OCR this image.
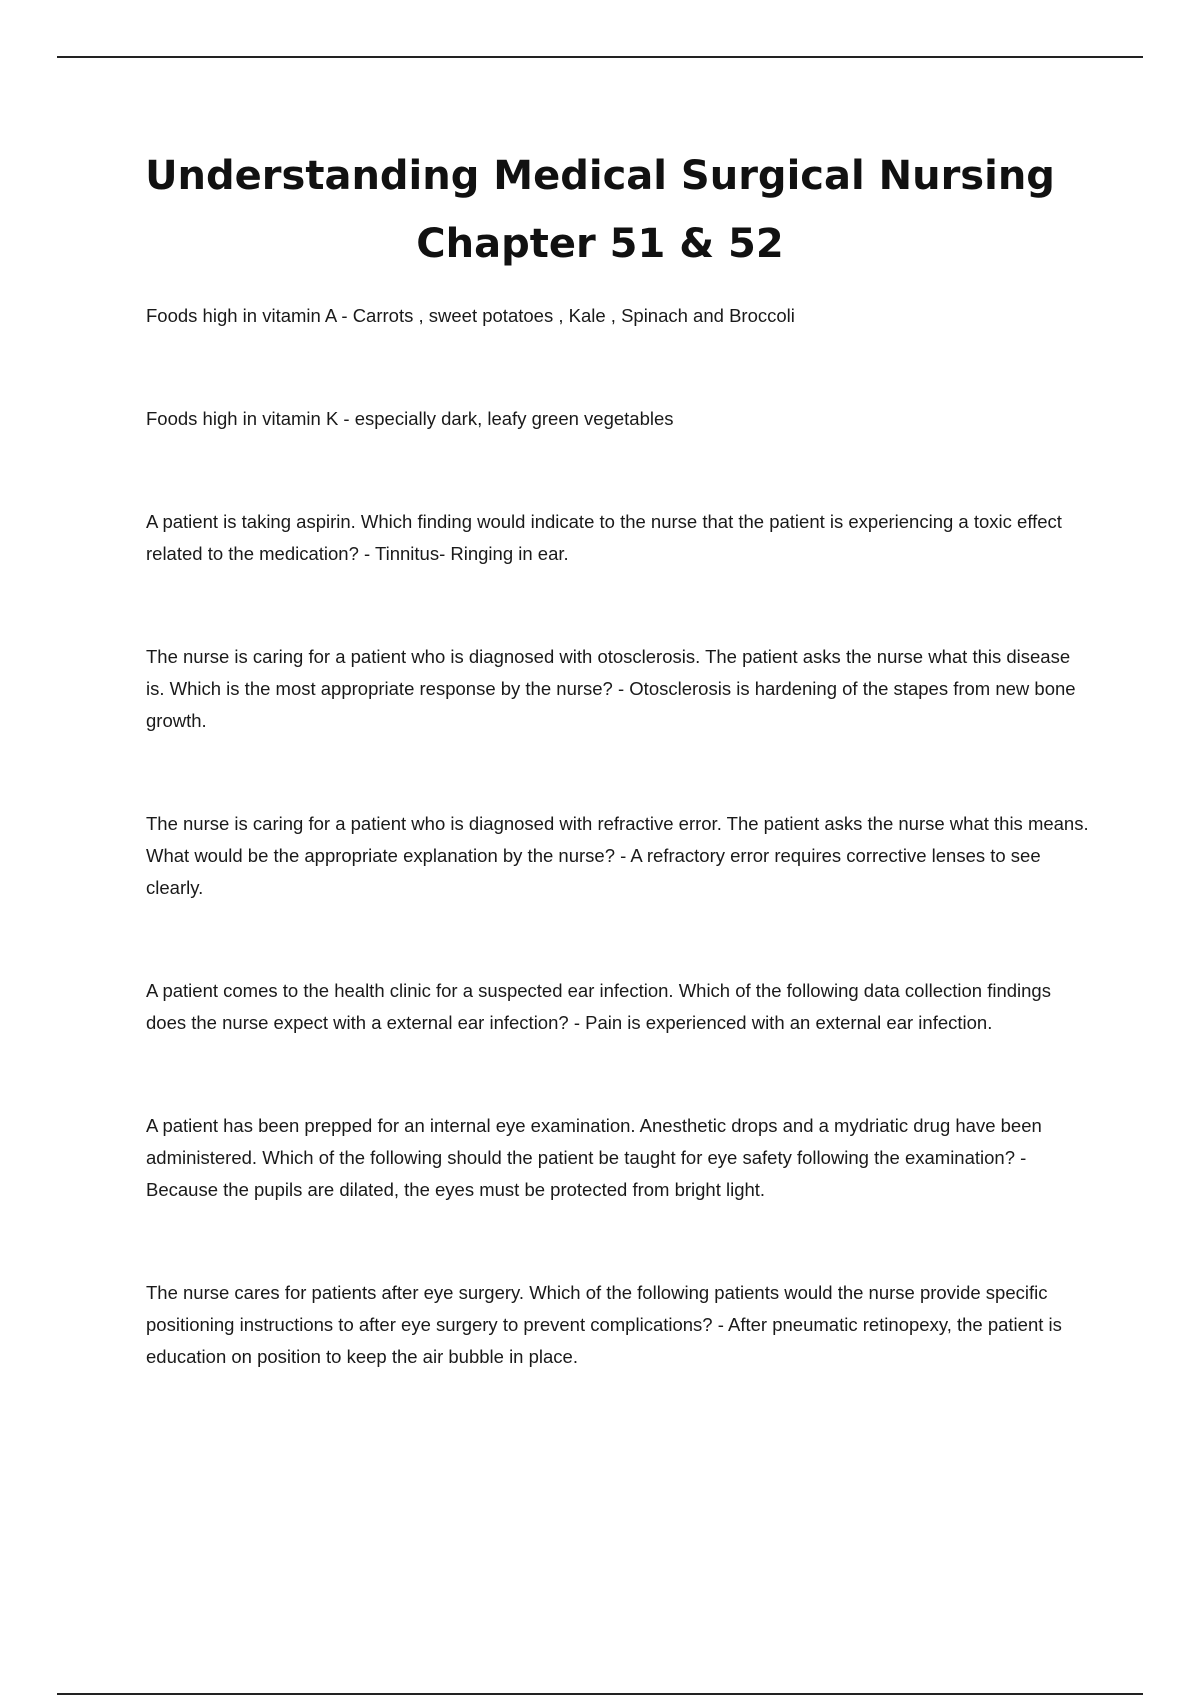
Understanding Medical Surgical Nursing
Chapter 51 & 52

Foods high in vitamin A - Carrots , sweet potatoes , Kale , Spinach and Broccoli

Foods high in vitamin K - especially dark, leafy green vegetables

A patient is taking aspirin. Which finding would indicate to the nurse that the patient is experiencing a toxic effect related to the medication? - Tinnitus- Ringing in ear.

The nurse is caring for a patient who is diagnosed with otosclerosis. The patient asks the nurse what this disease is. Which is the most appropriate response by the nurse? - Otosclerosis is hardening of the stapes from new bone growth.

The nurse is caring for a patient who is diagnosed with refractive error. The patient asks the nurse what this means. What would be the appropriate explanation by the nurse? - A refractory error requires corrective lenses to see clearly.

A patient comes to the health clinic for a suspected ear infection. Which of the following data collection findings does the nurse expect with a external ear infection? - Pain is experienced with an external ear infection.

A patient has been prepped for an internal eye examination. Anesthetic drops and a mydriatic drug have been administered. Which of the following should the patient be taught for eye safety following the examination? - Because the pupils are dilated, the eyes must be protected from bright light.

The nurse cares for patients after eye surgery. Which of the following patients would the nurse provide specific positioning instructions to after eye surgery to prevent complications? - After pneumatic retinopexy, the patient is education on position to keep the air bubble in place.
